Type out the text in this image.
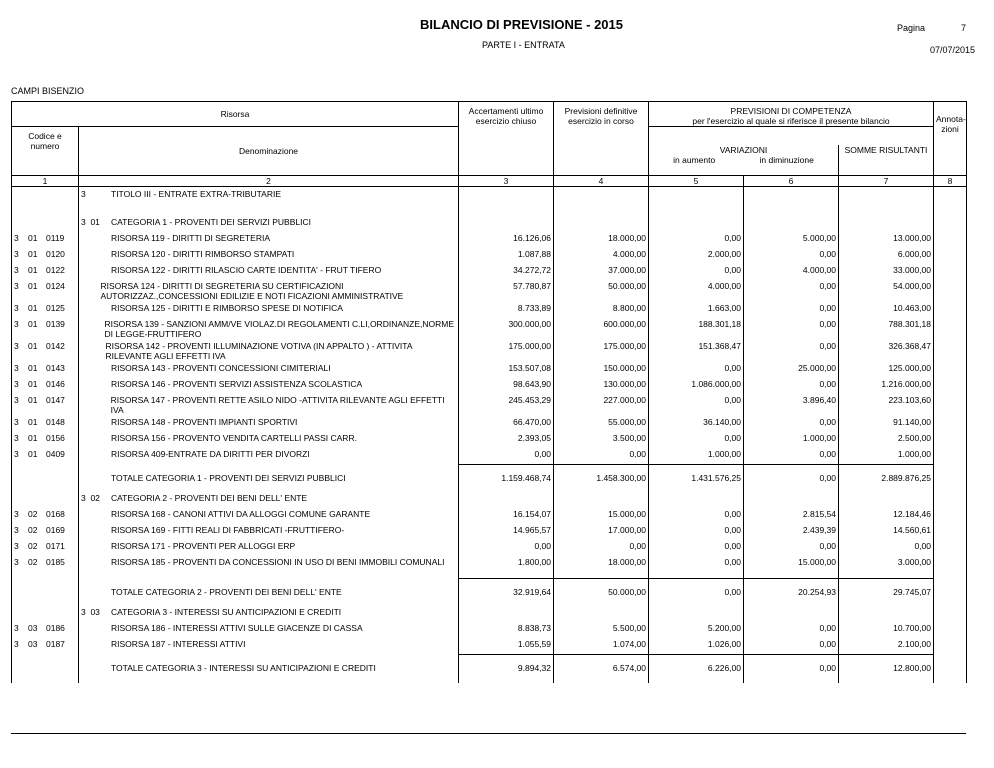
BILANCIO DI PREVISIONE - 2015
PARTE I - ENTRATA
Pagina	7
07/07/2015
CAMPI BISENZIO
Risorsa		Accertamenti ultimo esercizio chiuso	Previsioni definitive esercizio in corso	PREVISIONI DI COMPETENZA
per l'esercizio al quale si riferisce il presente bilancio			Annota- zioni
Codice e numero	Denominazione						

				VARIAZIONI
in aumento in diminuzione		SOMME RISULTANTI	
1	2	3	4	5	6	7	8

	3 TITOLO III - ENTRATE EXTRA-TRIBUTARIE						

	3  01 CATEGORIA 1 - PROVENTI DEI SERVIZI PUBBLICI						

3 01 0119	RISORSA 119 - DIRITTI DI SEGRETERIA	16.126,06	18.000,00	0,00	5.000,00	13.000,00	
3 01 0120	RISORSA 120 - DIRITTI RIMBORSO STAMPATI	1.087,88	4.000,00	2.000,00	0,00	6.000,00	
3 01 0122	RISORSA 122 - DIRITTI RILASCIO CARTE IDENTITA' - FRUT TIFERO	34.272,72	37.000,00	0,00	4.000,00	33.000,00	
3 01 0124	RISORSA 124 - DIRITTI DI SEGRETERIA SU CERTIFICAZIONI AUTORIZZAZ.,CONCESSIONI EDILIZIE E NOTI FICAZIONI AMMINISTRATIVE	57.780,87	50.000,00	4.000,00	0,00	54.000,00	
3 01 0125	RISORSA 125 - DIRITTI E RIMBORSO SPESE DI NOTIFICA	8.733,89	8.800,00	1.663,00	0,00	10.463,00	
3 01 0139	RISORSA 139 - SANZIONI AMM/VE VIOLAZ.DI REGOLAMENTI C.LI,ORDINANZE,NORME DI LEGGE-FRUTTIFERO	300.000,00	600.000,00	188.301,18	0,00	788.301,18	
3 01 0142	RISORSA 142 - PROVENTI ILLUMINAZIONE VOTIVA (IN APPALTO ) - ATTIVITA RILEVANTE AGLI EFFETTI IVA	175.000,00	175.000,00	151.368,47	0,00	326.368,47	
3 01 0143	RISORSA 143 - PROVENTI CONCESSIONI CIMITERIALI	153.507,08	150.000,00	0,00	25.000,00	125.000,00	
3 01 0146	RISORSA 146 - PROVENTI SERVIZI ASSISTENZA SCOLASTICA	98.643,90	130.000,00	1.086.000,00	0,00	1.216.000,00	
3 01 0147	RISORSA 147 - PROVENTI RETTE ASILO NIDO -ATTIVITA RILEVANTE AGLI EFFETTI IVA	245.453,29	227.000,00	0,00	3.896,40	223.103,60	
3 01 0148	RISORSA 148 - PROVENTI IMPIANTI SPORTIVI	66.470,00	55.000,00	36.140,00	0,00	91.140,00	
3 01 0156	RISORSA 156 - PROVENTO VENDITA CARTELLI PASSI CARR.	2.393,05	3.500,00	0,00	1.000,00	2.500,00	
3 01 0409	RISORSA 409-ENTRATE DA DIRITTI PER DIVORZI	0,00	0,00	1.000,00	0,00	1.000,00	

	TOTALE CATEGORIA 1 - PROVENTI DEI SERVIZI PUBBLICI	1.159.468,74	1.458.300,00	1.431.576,25	0,00	2.889.876,25	

	3  02 CATEGORIA 2 - PROVENTI DEI BENI DELL' ENTE						

3 02 0168	RISORSA 168 - CANONI ATTIVI DA ALLOGGI COMUNE GARANTE	16.154,07	15.000,00	0,00	2.815,54	12.184,46	
3 02 0169	RISORSA 169 - FITTI REALI DI FABBRICATI -FRUTTIFERO-	14.965,57	17.000,00	0,00	2.439,39	14.560,61	
3 02 0171	RISORSA 171 - PROVENTI PER ALLOGGI ERP	0,00	0,00	0,00	0,00	0,00	
3 02 0185	RISORSA 185 - PROVENTI DA CONCESSIONI IN USO DI BENI IMMOBILI COMUNALI	1.800,00	18.000,00	0,00	15.000,00	3.000,00	

	TOTALE CATEGORIA 2 - PROVENTI DEI BENI DELL' ENTE	32.919,64	50.000,00	0,00	20.254,93	29.745,07	

	3  03 CATEGORIA 3 - INTERESSI SU ANTICIPAZIONI E CREDITI						

3 03 0186	RISORSA 186 - INTERESSI ATTIVI SULLE GIACENZE DI CASSA	8.838,73	5.500,00	5.200,00	0,00	10.700,00	
3 03 0187	RISORSA 187 - INTERESSI ATTIVI	1.055,59	1.074,00	1.026,00	0,00	2.100,00	

	TOTALE CATEGORIA 3 - INTERESSI SU ANTICIPAZIONI E CREDITI	9.894,32	6.574,00	6.226,00	0,00	12.800,00	
